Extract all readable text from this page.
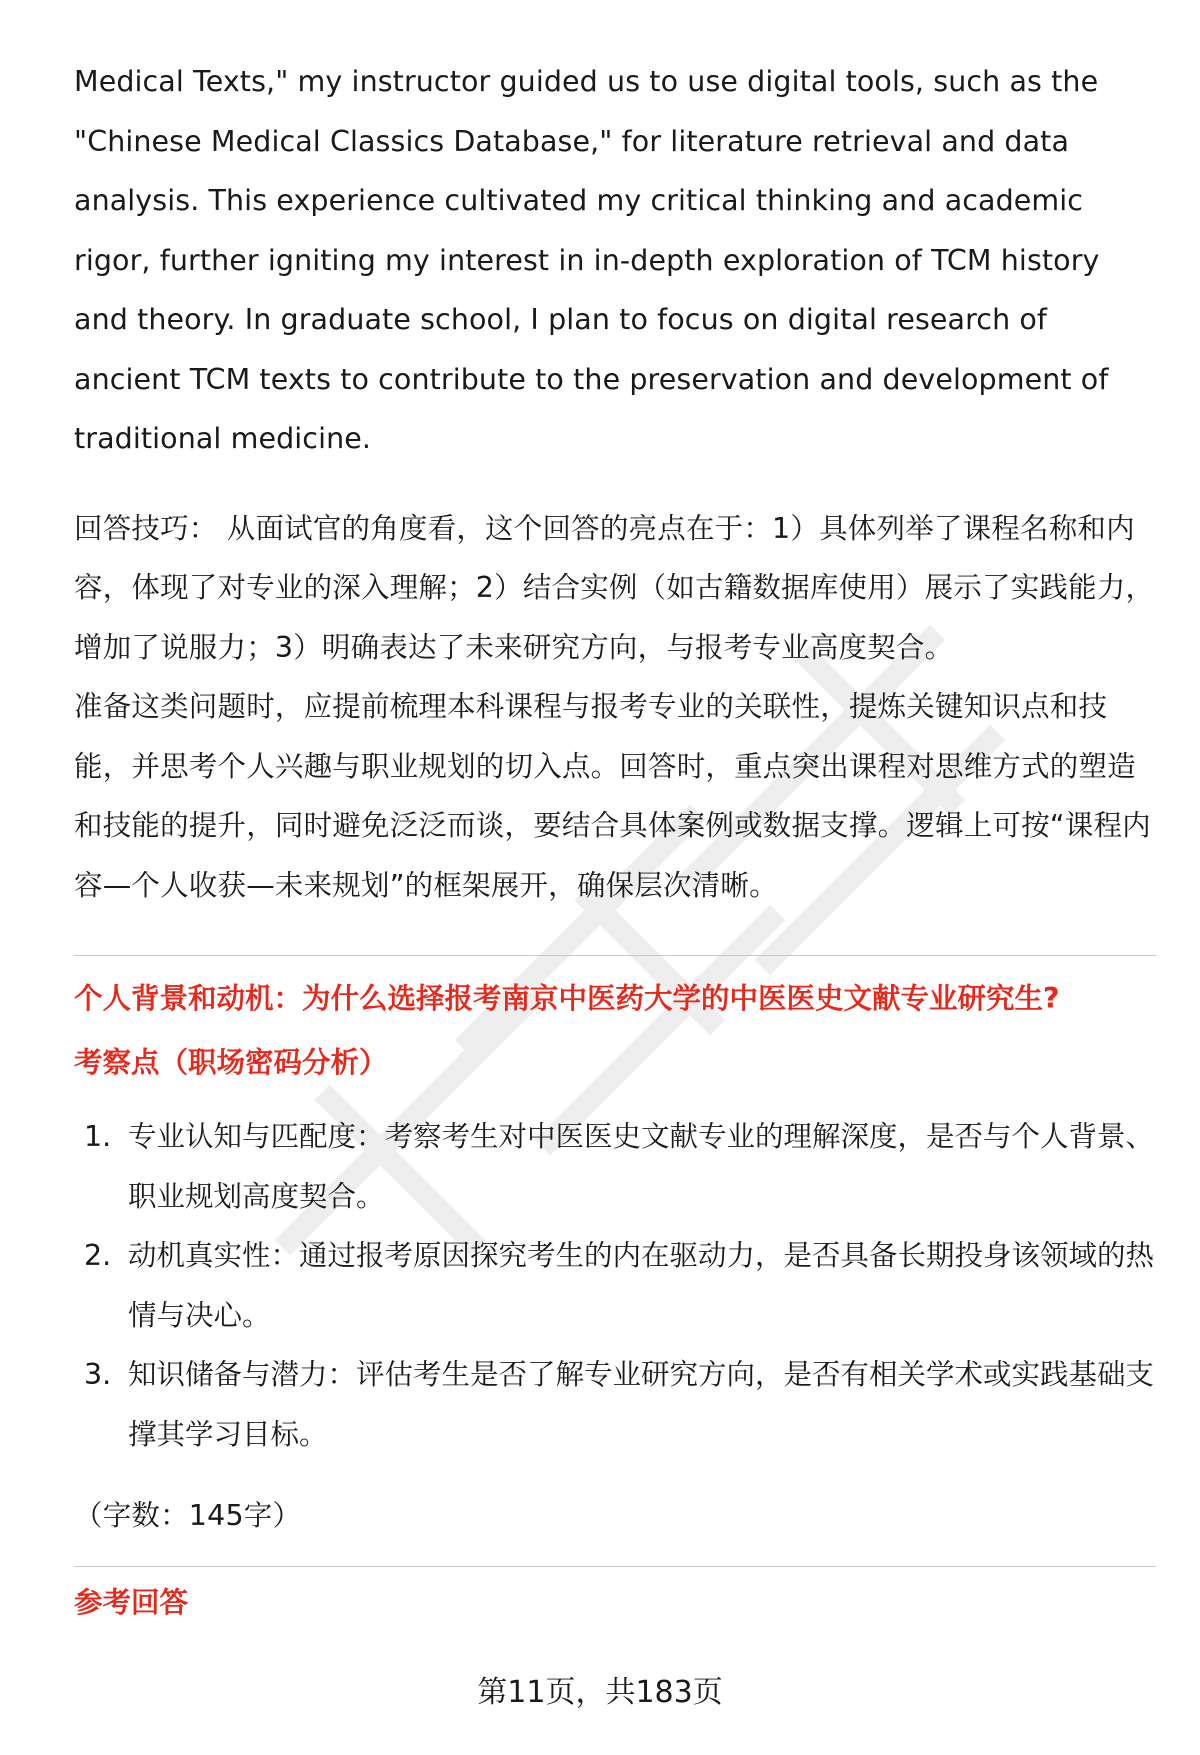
Medical Texts," my instructor guided us to use digital tools, such as the "Chinese Medical Classics Database," for literature retrieval and data analysis. This experience cultivated my critical thinking and academic rigor, further igniting my interest in in-depth exploration of TCM history and theory. In graduate school, I plan to focus on digital research of ancient TCM texts to contribute to the preservation and development of traditional medicine.

回答技巧： 从面试官的角度看，这个回答的亮点在于：1）具体列举了课程名称和内容，体现了对专业的深入理解；2）结合实例（如古籍数据库使用）展示了实践能力，增加了说服力；3）明确表达了未来研究方向，与报考专业高度契合。

准备这类问题时，应提前梳理本科课程与报考专业的关联性，提炼关键知识点和技能，并思考个人兴趣与职业规划的切入点。回答时，重点突出课程对思维方式的塑造和技能的提升，同时避免泛泛而谈，要结合具体案例或数据支撑。逻辑上可按“课程内容—个人收获—未来规划”的框架展开，确保层次清晰。

个人背景和动机：为什么选择报考南京中医药大学的中医医史文献专业研究生?

考察点（职场密码分析）

1. 专业认知与匹配度：考察考生对中医医史文献专业的理解深度，是否与个人背景、职业规划高度契合。
2. 动机真实性：通过报考原因探究考生的内在驱动力，是否具备长期投身该领域的热情与决心。
3. 知识储备与潜力：评估考生是否了解专业研究方向，是否有相关学术或实践基础支撑其学习目标。

（字数：145字）

参考回答

第11页，共183页
